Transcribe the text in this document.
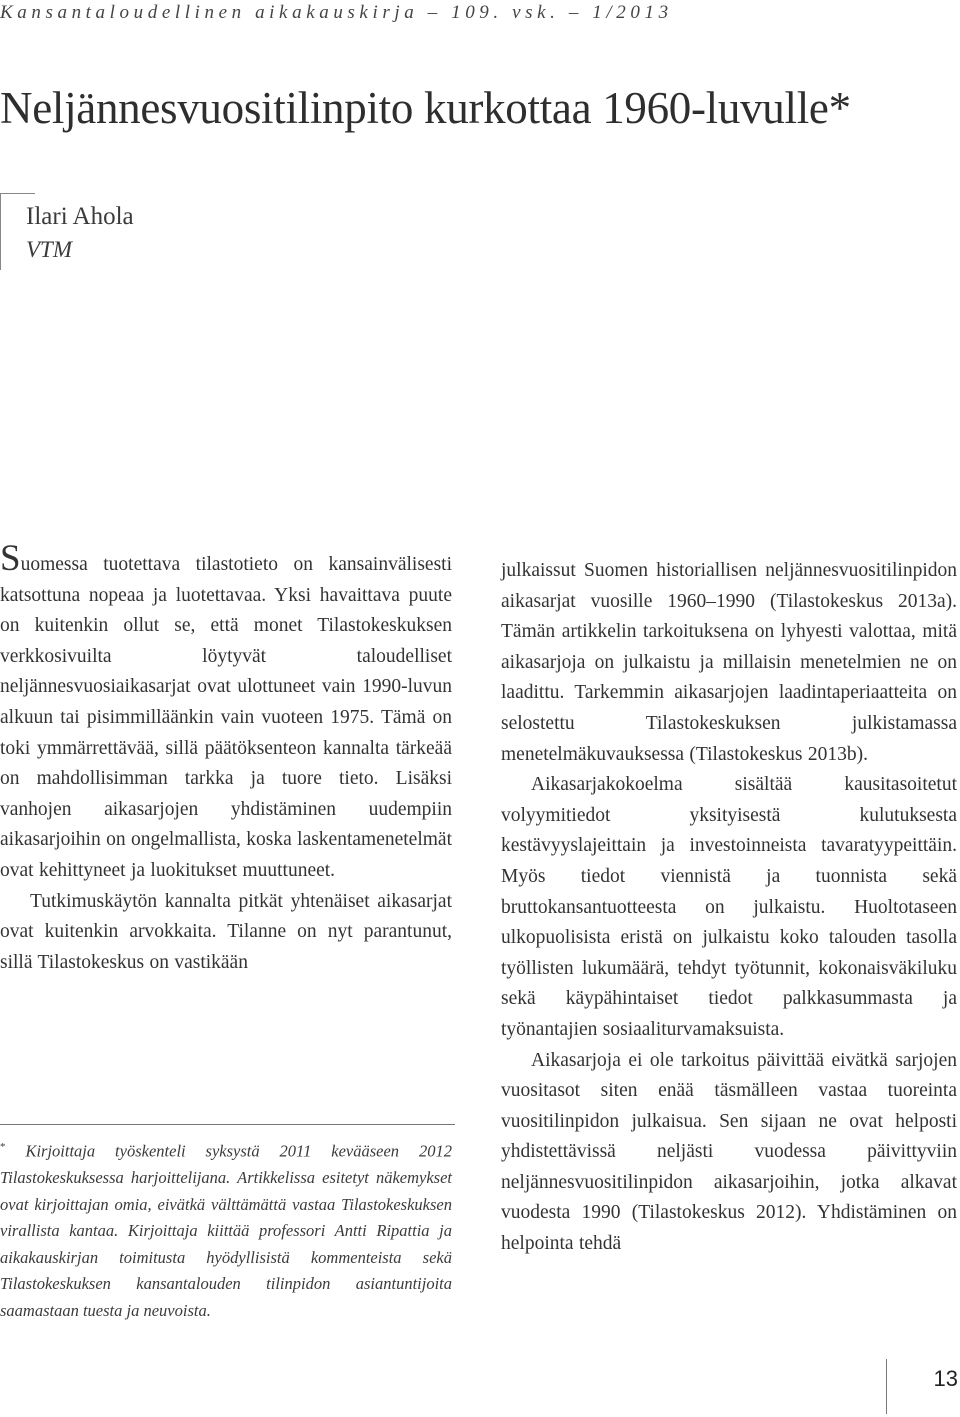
Kansantaloudellinen aikakauskirja – 109. vsk. – 1/2013
Neljännesvuositilinpito kurkottaa 1960-luvulle*
Ilari Ahola
VTM

Suomessa tuotettava tilastotieto on kansainvälisesti katsottuna nopeaa ja luotettavaa. Yksi havaittava puute on kuitenkin ollut se, että monet Tilastokeskuksen verkkosivuilta löytyvät taloudelliset neljännesvuosiaikasarjat ovat ulottuneet vain 1990-luvun alkuun tai pisimmilläänkin vain vuoteen 1975. Tämä on toki ymmärrettävää, sillä päätöksenteon kannalta tärkeää on mahdollisimman tarkka ja tuore tieto. Lisäksi vanhojen aikasarjojen yhdistäminen uudempiin aikasarjoihin on ongelmallista, koska laskentamenetelmät ovat kehittyneet ja luokitukset muuttuneet.

Tutkimuskäytön kannalta pitkät yhtenäiset aikasarjat ovat kuitenkin arvokkaita. Tilanne on nyt parantunut, sillä Tilastokeskus on vastikään

* Kirjoittaja työskenteli syksystä 2011 kevääseen 2012 Tilastokeskuksessa harjoittelijana. Artikkelissa esitetyt näkemykset ovat kirjoittajan omia, eivätkä välttämättä vastaa Tilastokeskuksen virallista kantaa. Kirjoittaja kiittää professori Antti Ripattia ja aikakauskirjan toimitusta hyödyllisistä kommenteista sekä Tilastokeskuksen kansantalouden tilinpidon asiantuntijoita saamastaan tuesta ja neuvoista.

julkaissut Suomen historiallisen neljännesvuositilinpidon aikasarjat vuosille 1960–1990 (Tilastokeskus 2013a). Tämän artikkelin tarkoituksena on lyhyesti valottaa, mitä aikasarjoja on julkaistu ja millaisin menetelmien ne on laadittu. Tarkemmin aikasarjojen laadintaperiaatteita on selostettu Tilastokeskuksen julkistamassa menetelmäkuvauksessa (Tilastokeskus 2013b).

Aikasarjakokoelma sisältää kausitasoitetut volyymitiedot yksityisestä kulutuksesta kestävyyslajeittain ja investoinneista tavaratyypeittäin. Myös tiedot viennistä ja tuonnista sekä bruttokansantuotteesta on julkaistu. Huoltotaseen ulkopuolisista eristä on julkaistu koko talouden tasolla työllisten lukumäärä, tehdyt työtunnit, kokonaisväkiluku sekä käypähintaiset tiedot palkkasummasta ja työnantajien sosiaaliturvamaksuista.

Aikasarjoja ei ole tarkoitus päivittää eivätkä sarjojen vuositasot siten enää täsmälleen vastaa tuoreinta vuositilinpidon julkaisua. Sen sijaan ne ovat helposti yhdistettävissä neljästi vuodessa päivittyviin neljännesvuositilinpidon aikasarjoihin, jotka alkavat vuodesta 1990 (Tilastokeskus 2012). Yhdistäminen on helpointa tehdä

13
